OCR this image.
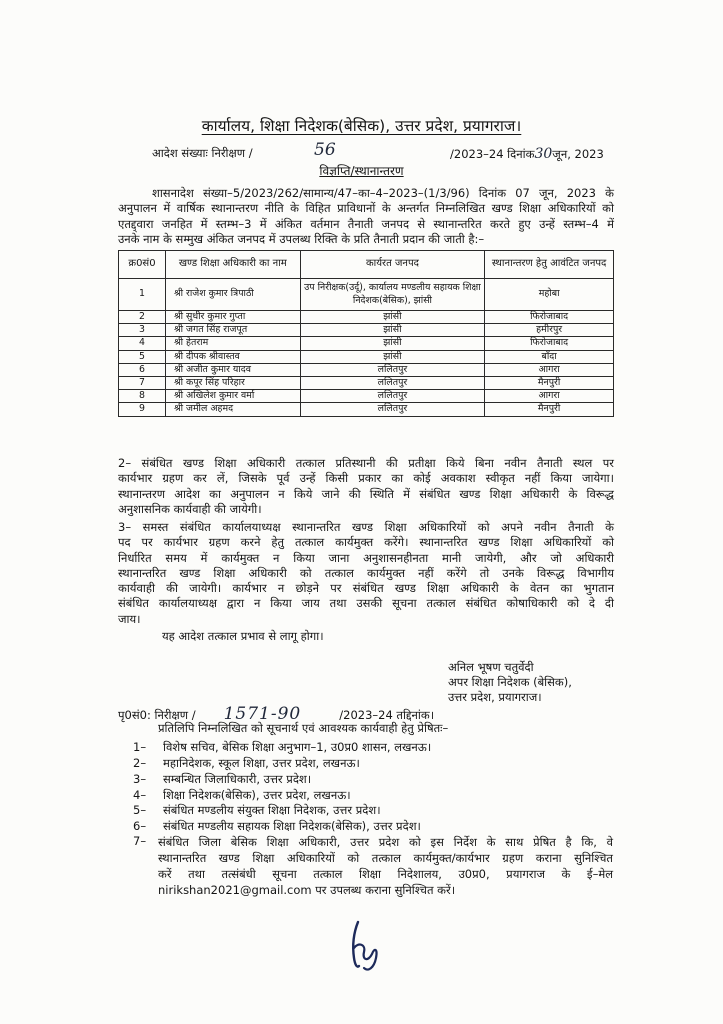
कार्यालय, शिक्षा निदेशक(बेसिक), उत्तर प्रदेश, प्रयागराज।
आदेश संख्याः निरीक्षण /	56	/2023–24 दिनांक30जून, 2023
विज्ञप्ति/स्थानान्तरण
शासनादेश संख्या–5/2023/262/सामान्य/47–का–4–2023–(1/3/96) दिनांक 07 जून, 2023 के
अनुपालन में वार्षिक स्थानान्तरण नीति के विहित प्राविधानों के अन्तर्गत निम्नलिखित खण्ड शिक्षा अधिकारियों को
एतद्द्वारा जनहित में स्तम्भ–3 में अंकित वर्तमान तैनाती जनपद से स्थानान्तरित करते हुए उन्हें स्तम्भ–4 में
उनके नाम के सम्मुख अंकित जनपद में उपलब्ध रिक्ति के प्रति तैनाती प्रदान की जाती है:–
क्र0सं0	खण्ड शिक्षा अधिकारी का नाम	कार्यरत जनपद	स्थानान्तरण हेतु आवंटित जनपद
1	श्री राजेश कुमार त्रिपाठी	उप निरीक्षक(उर्दू), कार्यालय मण्डलीय सहायक शिक्षा निदेशक(बेसिक), झांसी	महोबा
2	श्री सुधीर कुमार गुप्ता	झांसी	फिरोजाबाद
3	श्री जगत सिंह राजपूत	झांसी	हमीरपुर
4	श्री हेतराम	झांसी	फिरोजाबाद
5	श्री दीपक श्रीवास्तव	झांसी	बाँदा
6	श्री अजीत कुमार यादव	ललितपुर	आगरा
7	श्री कपूर सिंह परिहार	ललितपुर	मैनपुरी
8	श्री अखिलेश कुमार वर्मा	ललितपुर	आगरा
9	श्री जमील अहमद	ललितपुर	मैनपुरी
2– संबंधित खण्ड शिक्षा अधिकारी तत्काल प्रतिस्थानी की प्रतीक्षा किये बिना नवीन तैनाती स्थल पर
कार्यभार ग्रहण कर लें, जिसके पूर्व उन्हें किसी प्रकार का कोई अवकाश स्वीकृत नहीं किया जायेगा।
स्थानान्तरण आदेश का अनुपालन न किये जाने की स्थिति में संबंधित खण्ड शिक्षा अधिकारी के विरूद्ध
अनुशासनिक कार्यवाही की जायेगी।
3– समस्त संबंधित कार्यालयाध्यक्ष स्थानान्तरित खण्ड शिक्षा अधिकारियों को अपने नवीन तैनाती के
पद पर कार्यभार ग्रहण करने हेतु तत्काल कार्यमुक्त करेंगे। स्थानान्तरित खण्ड शिक्षा अधिकारियों को
निर्धारित समय में कार्यमुक्त न किया जाना अनुशासनहीनता मानी जायेगी, और जो अधिकारी
स्थानान्तरित खण्ड शिक्षा अधिकारी को तत्काल कार्यमुक्त नहीं करेंगे तो उनके विरूद्ध विभागीय
कार्यवाही की जायेगी। कार्यभार न छोड़ने पर संबंधित खण्ड शिक्षा अधिकारी के वेतन का भुगतान
संबंधित कार्यालयाध्यक्ष द्वारा न किया जाय तथा उसकी सूचना तत्काल संबंधित कोषाधिकारी को दे दी
जाय।
यह आदेश तत्काल प्रभाव से लागू होगा।
अनिल भूषण चतुर्वेदी
अपर शिक्षा निदेशक (बेसिक),
उत्तर प्रदेश, प्रयागराज।
पृ0सं0: निरीक्षण / 1571-90	/2023–24 तद्दिनांक।
प्रतिलिपि निम्नलिखित को सूचनार्थ एवं आवश्यक कार्यवाही हेतु प्रेषितः–
1– विशेष सचिव, बेसिक शिक्षा अनुभाग–1, उ0प्र0 शासन, लखनऊ।
2– महानिदेशक, स्कूल शिक्षा, उत्तर प्रदेश, लखनऊ।
3– सम्बन्धित जिलाधिकारी, उत्तर प्रदेश।
4– शिक्षा निदेशक(बेसिक), उत्तर प्रदेश, लखनऊ।
5– संबंधित मण्डलीय संयुक्त शिक्षा निदेशक, उत्तर प्रदेश।
6– संबंधित मण्डलीय सहायक शिक्षा निदेशक(बेसिक), उत्तर प्रदेश।
7– संबंधित जिला बेसिक शिक्षा अधिकारी, उत्तर प्रदेश को इस निर्देश के साथ प्रेषित है कि, वे
स्थानान्तरित खण्ड शिक्षा अधिकारियों को तत्काल कार्यमुक्त/कार्यभार ग्रहण कराना सुनिश्चित
करें तथा तत्संबंधी सूचना तत्काल शिक्षा निदेशालय, उ0प्र0, प्रयागराज के ई–मेल
nirikshan2021@gmail.com पर उपलब्ध कराना सुनिश्चित करें।
